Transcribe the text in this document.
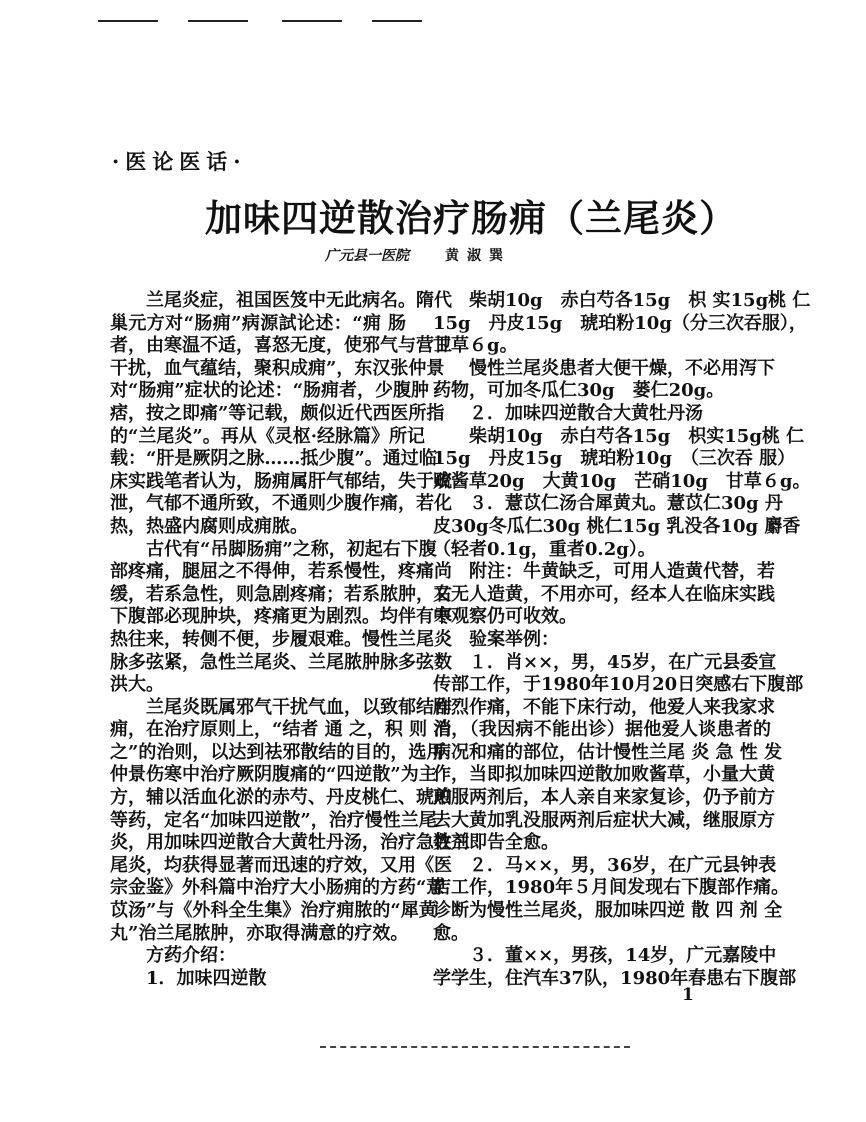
·医论医话·
加味四逆散治疗肠痈（兰尾炎）
广元县一医院	黄淑巽
兰尾炎症，祖国医笈中无此病名。隋代
巢元方对“肠痈”病源試论述：“痈 肠
者，由寒温不适，喜怒无度，使邪气与营卫
干扰，血气蕴结，聚积成痈”，东汉张仲景
对“肠痈”症状的论述：“肠痈者，少腹肿
痞，按之即痛”等记载，颇似近代西医所指
的“兰尾炎”。再从《灵枢·经脉篇》所记
载：“肝是厥阴之脉……抵少腹”。通过临
床实践笔者认为，肠痈属肝气郁结，失于疏
泄，气郁不通所致，不通则少腹作痛，若化
热，热盛内腐则成痈脓。
古代有“吊脚肠痈”之称，初起右下腹
部疼痛，腿屈之不得伸，若系慢性，疼痛尚
缓，若系急性，则急剧疼痛；若系脓肿，右
下腹部必现肿块，疼痛更为剧烈。均伴有寒
热往来，转侧不便，步履艰难。慢性兰尾炎
脉多弦紧，急性兰尾炎、兰尾脓肿脉多弦数
洪大。
兰尾炎既属邪气干扰气血，以致郁结作
痈，在治疗原则上，“结者 通 之，积 则 消
之”的治则，以达到祛邪散结的目的，选用
仲景伤寒中治疗厥阴腹痛的“四逆散”为主
方，辅以活血化淤的赤芍、丹皮桃仁、琥珀
等药，定名“加味四逆散”，治疗慢性兰尾
炎，用加味四逆散合大黄牡丹汤，治疗急性兰
尾炎，均获得显著而迅速的疗效，又用《医
宗金鉴》外科篇中治疗大小肠痈的方药“薏
苡汤”与《外科全生集》治疗痈脓的“犀黄
丸”治兰尾脓肿，亦取得满意的疗效。
方药介绍：
1．加味四逆散
柴胡10g　赤白芍各15g　枳 实15g桃 仁
15g　丹皮15g　琥珀粉10g（分三次吞服），
甘草６g。
慢性兰尾炎患者大便干燥，不必用泻下
药物，可加冬瓜仁30g　蒌仁20g。
２．加味四逆散合大黄牡丹汤
柴胡10g　赤白芍各15g　枳实15g桃 仁
15g　丹皮15g　琥珀粉10g　（三次吞 服）
败酱草20g　大黄10g　芒硝10g　甘草６g。
３．薏苡仁汤合犀黄丸。薏苡仁30g 丹
皮30g冬瓜仁30g 桃仁15g 乳没各10g 麝香
（轻者0.1g，重者0.2g）。
附注：牛黄缺乏，可用人造黄代替，若
又无人造黄，不用亦可，经本人在临床实践
中观察仍可收效。
验案举例：
１．肖××，男，45岁，在广元县委宣
传部工作，于1980年10月20日突感右下腹部
剧烈作痛，不能下床行动，他爱人来我家求
治，（我因病不能出诊）据他爱人谈患者的
病况和痛的部位，估计慢性兰尾 炎 急 性 发
作，当即拟加味四逆散加败酱草，小量大黄
煎服两剂后，本人亲自来家复诊，仍予前方
去大黄加乳没服两剂后症状大减，继服原方
数剂即告全愈。
２．马××，男，36岁，在广元县钟表
店工作，1980年５月间发现右下腹部作痛。
诊断为慢性兰尾炎，服加味四逆 散 四 剂 全
愈。
３．董××，男孩，14岁，广元嘉陵中
学学生，住汽车37队，1980年春患右下腹部
1
